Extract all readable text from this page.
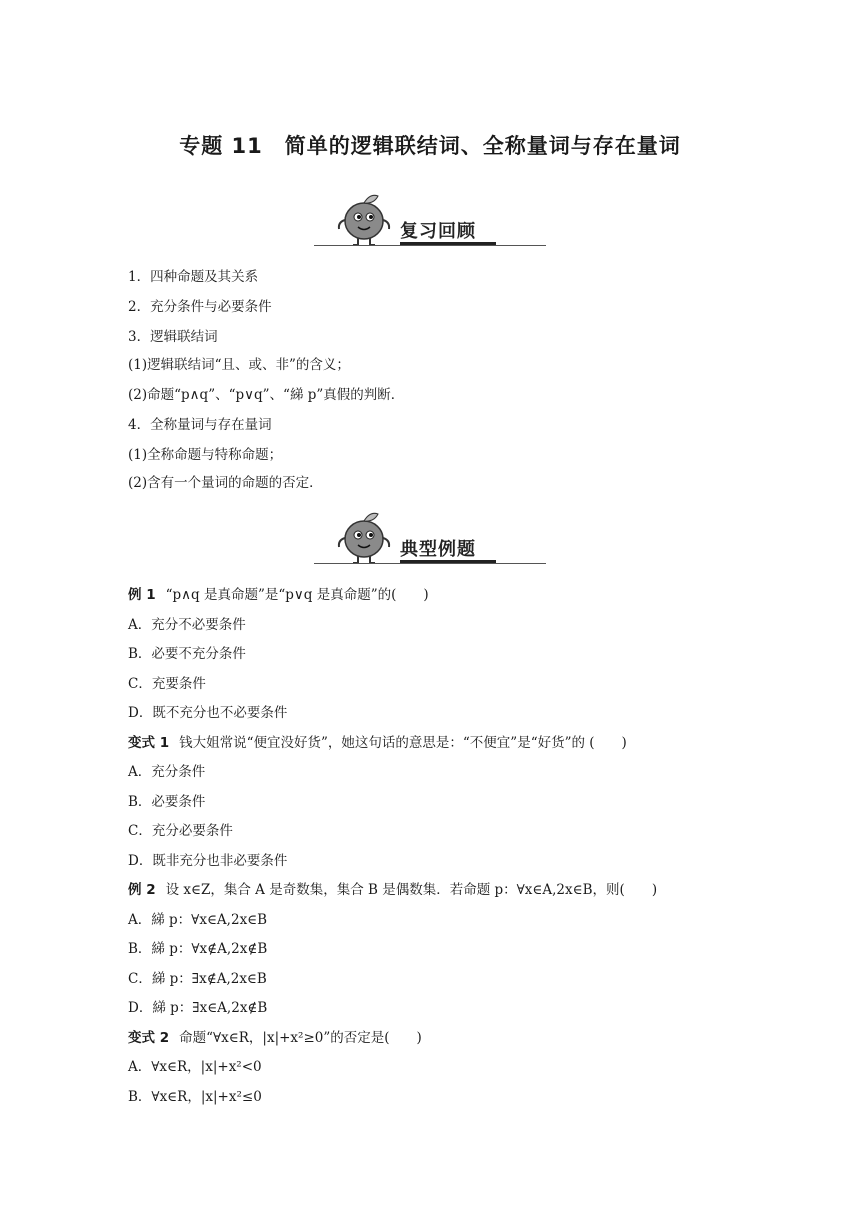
专题 11　简单的逻辑联结词、全称量词与存在量词
复习回顾
1．四种命题及其关系
2．充分条件与必要条件
3．逻辑联结词
(1)逻辑联结词“且、或、非”的含义；
(2)命题“p∧q”、“p∨q”、“綈 p”真假的判断．
4．全称量词与存在量词
(1)全称命题与特称命题；
(2)含有一个量词的命题的否定．
典型例题
例 1 “p∧q 是真命题”是“p∨q 是真命题”的(　　)
A．充分不必要条件
B．必要不充分条件
C．充要条件
D．既不充分也不必要条件
变式 1 钱大姐常说“便宜没好货”，她这句话的意思是：“不便宜”是“好货”的 (　　)
A．充分条件
B．必要条件
C．充分必要条件
D．既非充分也非必要条件
例 2 设 x∈Z，集合 A 是奇数集，集合 B 是偶数集．若命题 p：∀x∈A,2x∈B，则(　　)
A．綈 p：∀x∈A,2x∈B
B．綈 p：∀x∉A,2x∉B
C．綈 p：∃x∉A,2x∈B
D．綈 p：∃x∈A,2x∉B
变式 2 命题“∀x∈R，|x|+x²≥0”的否定是(　　)
A．∀x∈R，|x|+x²<0
B．∀x∈R，|x|+x²≤0
